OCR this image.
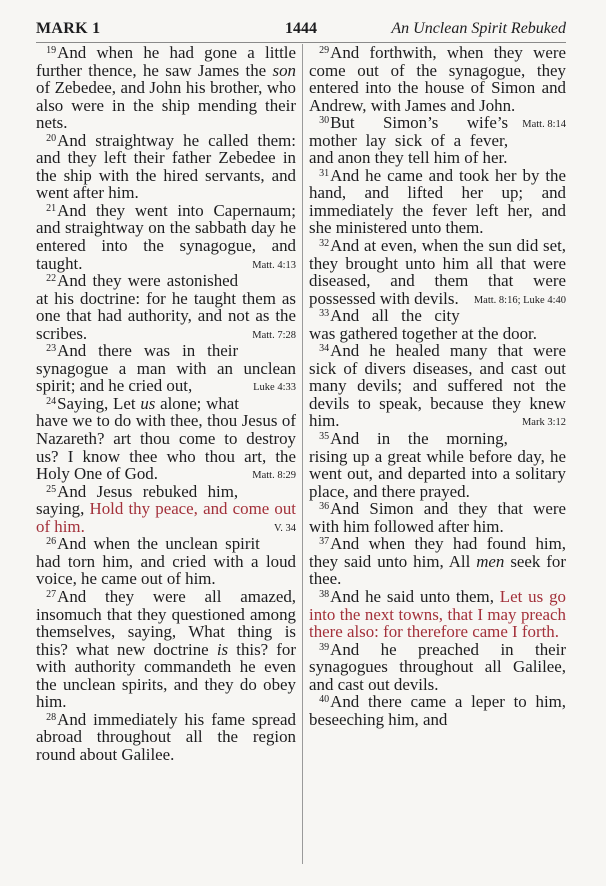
MARK 1	1444	An Unclean Spirit Rebuked

$^{19}$And when he had gone a little further thence, he saw James the son of Zebedee, and John his brother, who also were in the ship mending their nets.

$^{20}$And straightway he called them: and they left their father Zebedee in the ship with the hired servants, and went after him.

$^{21}$And they went into Capernaum; and straightway on the sabbath day he entered into the synagogue, and taught.	Matt. 4:13

$^{22}$And they were astonished at his doctrine: for he taught them as one that had authority, and not as the scribes.	Matt. 7:28

$^{23}$And there was in their synagogue a man with an unclean spirit; and he cried out,	Luke 4:33

$^{24}$Saying, Let us alone; what have we to do with thee, thou Jesus of Nazareth? art thou come to destroy us? I know thee who thou art, the Holy One of God.	Matt. 8:29

$^{25}$And Jesus rebuked him, saying, Hold thy peace, and come out of him.	V. 34

$^{26}$And when the unclean spirit had torn him, and cried with a loud voice, he came out of him.

$^{27}$And they were all amazed, insomuch that they questioned among themselves, saying, What thing is this? what new doctrine is this? for with authority commandeth he even the unclean spirits, and they do obey him.

$^{28}$And immediately his fame spread abroad throughout all the region round about Galilee.

$^{29}$And forthwith, when they were come out of the synagogue, they entered into the house of Simon and Andrew, with James and John.
Matt. 8:14

$^{30}$But Simon’s wife’s mother lay sick of a fever, and anon they tell him of her.

$^{31}$And he came and took her by the hand, and lifted her up; and immediately the fever left her, and she ministered unto them.

$^{32}$And at even, when the sun did set, they brought unto him all that were diseased, and them that were possessed with devils.	Matt. 8:16; Luke 4:40

$^{33}$And all the city was gathered together at the door.

$^{34}$And he healed many that were sick of divers diseases, and cast out many devils; and suffered not the devils to speak, because they knew him.	Mark 3:12

$^{35}$And in the morning, rising up a great while before day, he went out, and departed into a solitary place, and there prayed.

$^{36}$And Simon and they that were with him followed after him.

$^{37}$And when they had found him, they said unto him, All men seek for thee.

$^{38}$And he said unto them, Let us go into the next towns, that I may preach there also: for therefore came I forth.

$^{39}$And he preached in their synagogues throughout all Galilee, and cast out devils.

$^{40}$And there came a leper to him, beseeching him, and
